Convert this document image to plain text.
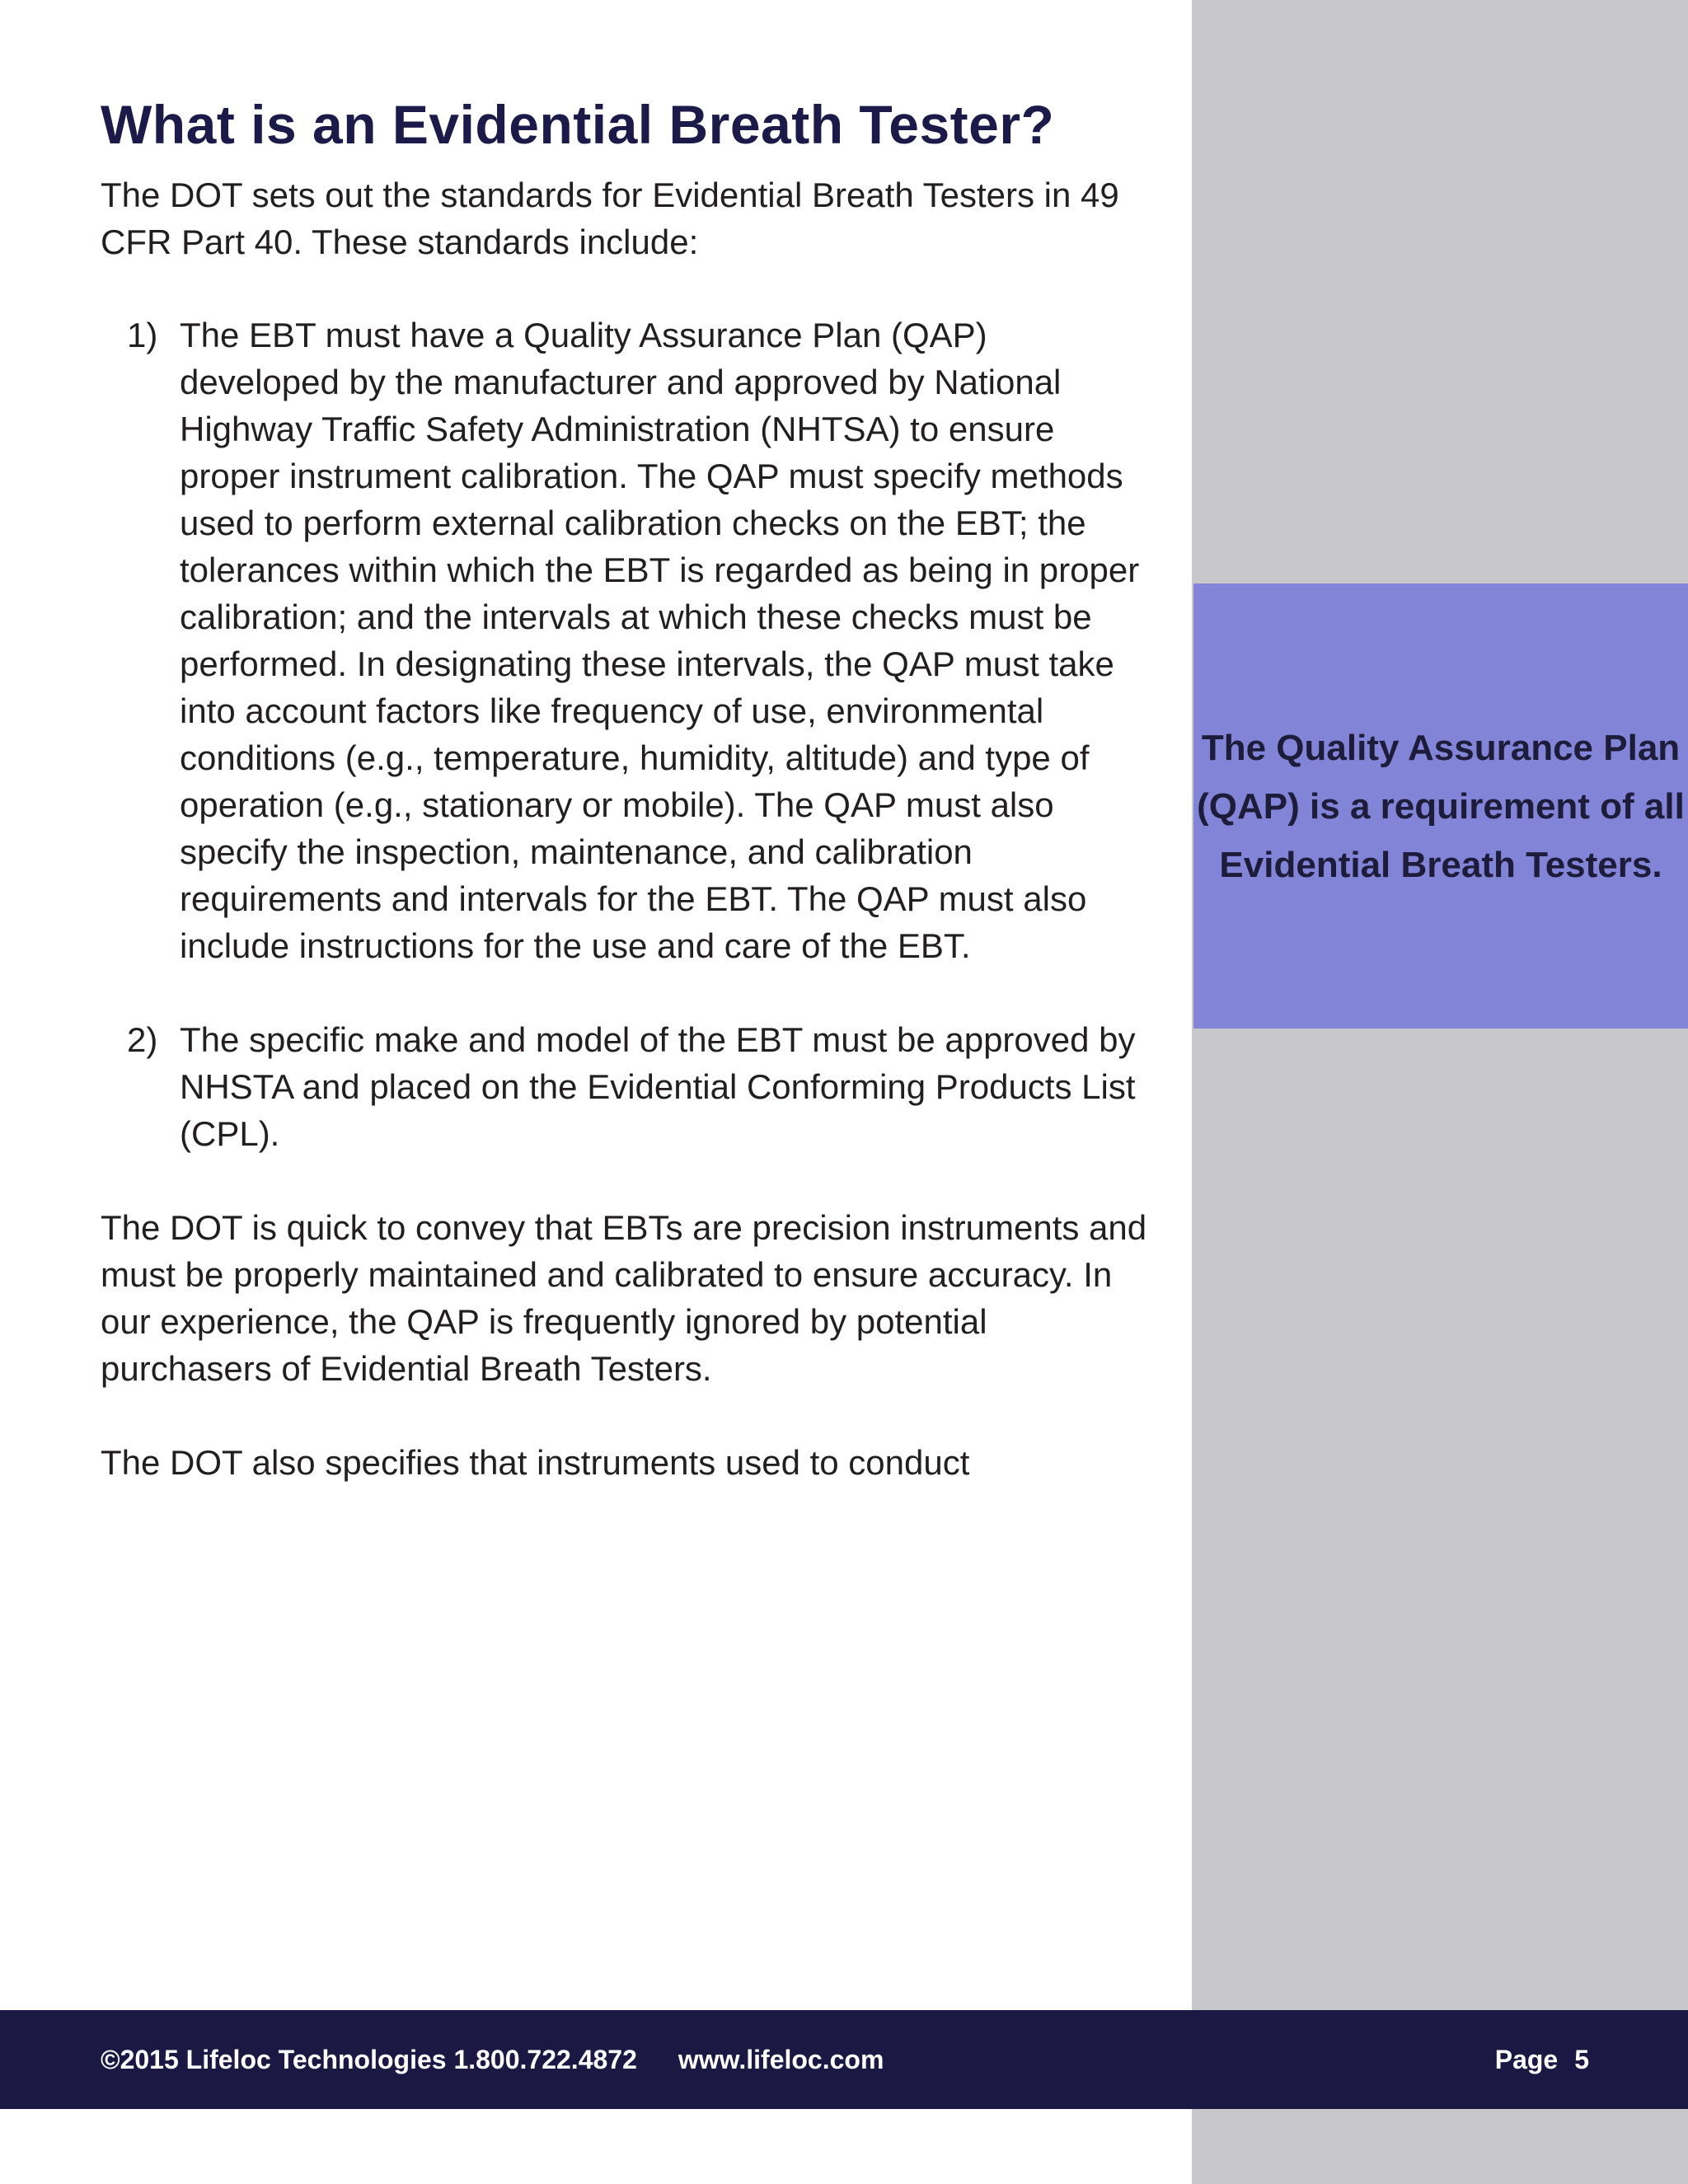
The Quality Assurance Plan (QAP) is a requirement of all Evidential Breath Testers.

What is an Evidential Breath Tester?

The DOT sets out the standards for Evidential Breath Testers in 49 CFR Part 40. These standards include:

1) The EBT must have a Quality Assurance Plan (QAP) developed by the manufacturer and approved by National Highway Traffic Safety Administration (NHTSA) to ensure proper instrument calibration. The QAP must specify methods used to perform external calibration checks on the EBT; the tolerances within which the EBT is regarded as being in proper calibration; and the intervals at which these checks must be performed. In designating these intervals, the QAP must take into account factors like frequency of use, environmental conditions (e.g., temperature, humidity, altitude) and type of operation (e.g., stationary or mobile). The QAP must also specify the inspection, maintenance, and calibration requirements and intervals for the EBT. The QAP must also include instructions for the use and care of the EBT.
2) The specific make and model of the EBT must be approved by NHSTA and placed on the Evidential Conforming Products List (CPL).

The DOT is quick to convey that EBTs are precision instruments and must be properly maintained and calibrated to ensure accuracy. In our experience, the QAP is frequently ignored by potential purchasers of Evidential Breath Testers.

The DOT also specifies that instruments used to conduct

©2015 Lifeloc Technologies 1.800.722.4872 www.lifeloc.com	Page 5
